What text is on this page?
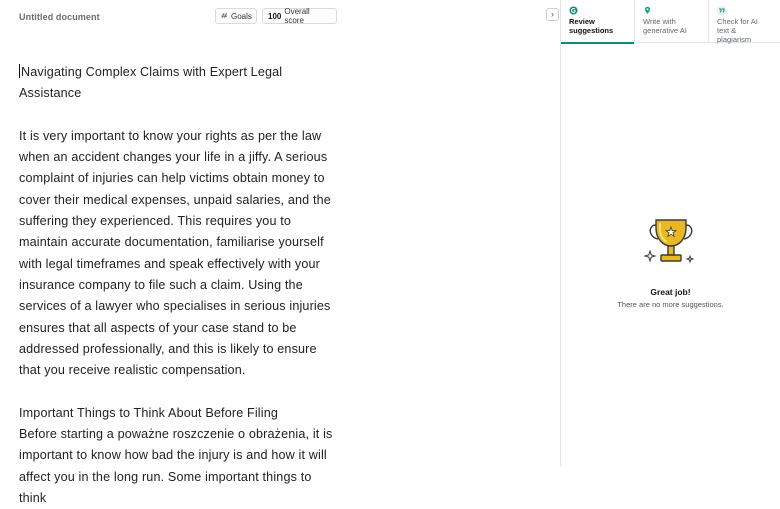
Untitled document	Goals 100 Overall score

Navigating Complex Claims with Expert Legal Assistance

It is very important to know your rights as per the law when an accident changes your life in a jiffy. A serious complaint of injuries can help victims obtain money to cover their medical expenses, unpaid salaries, and the suffering they experienced. This requires you to maintain accurate documentation, familiarise yourself with legal timeframes and speak effectively with your insurance company to file such a claim. Using the services of a lawyer who specialises in serious injuries ensures that all aspects of your case stand to be addressed professionally, and this is likely to ensure that you receive realistic compensation.

Important Things to Think About Before Filing

Before starting a poważne roszczenie o obrażenia, it is important to know how bad the injury is and how it will affect you in the long run. Some important things to think

›
Review suggestions
Write with generative AI
Check for AI text & plagiarism
Great job!
There are no more suggestions.
